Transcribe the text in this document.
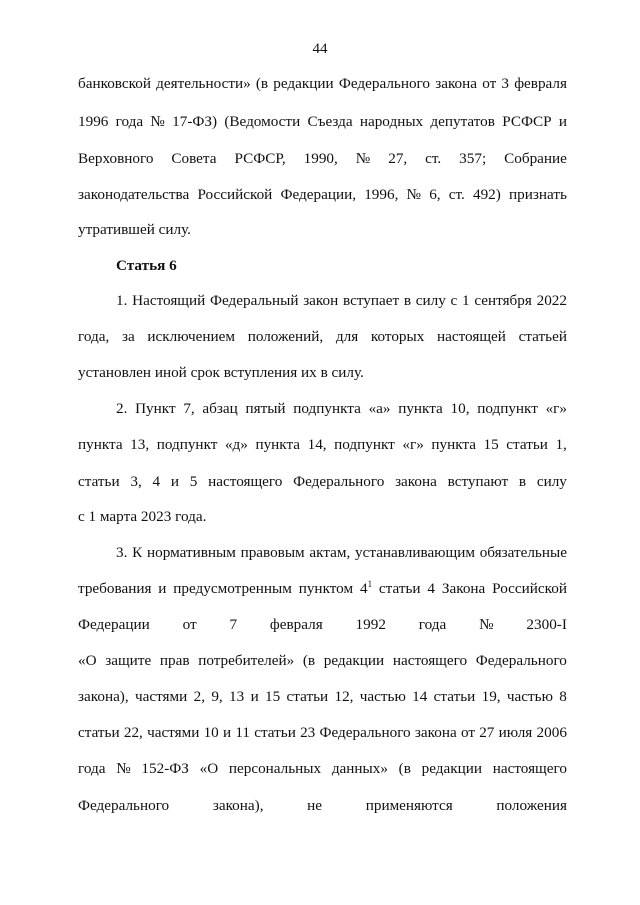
44
банковской деятельности» (в редакции Федерального закона от 3 февраля
1996 года № 17-ФЗ) (Ведомости Съезда народных депутатов РСФСР и
Верховного Совета РСФСР, 1990, № 27, ст. 357; Собрание
законодательства Российской Федерации, 1996, № 6, ст. 492) признать
утратившей силу.
Статья 6
1. Настоящий Федеральный закон вступает в силу с 1 сентября 2022
года, за исключением положений, для которых настоящей статьей
установлен иной срок вступления их в силу.
2. Пункт 7, абзац пятый подпункта «а» пункта 10, подпункт «г»
пункта 13, подпункт «д» пункта 14, подпункт «г» пункта 15 статьи 1,
статьи 3, 4 и 5 настоящего Федерального закона вступают в силу
с 1 марта 2023 года.
3. К нормативным правовым актам, устанавливающим обязательные
требования и предусмотренным пунктом $4^1$ статьи 4 Закона Российской
Федерации от 7 февраля 1992 года № 2300-I
«О защите прав потребителей» (в редакции настоящего Федерального
закона), частями 2, 9, 13 и 15 статьи 12, частью 14 статьи 19, частью 8
статьи 22, частями 10 и 11 статьи 23 Федерального закона от 27 июля 2006
года № 152-ФЗ «О персональных данных» (в редакции настоящего
Федерального	закона),	не	применяются	положения
